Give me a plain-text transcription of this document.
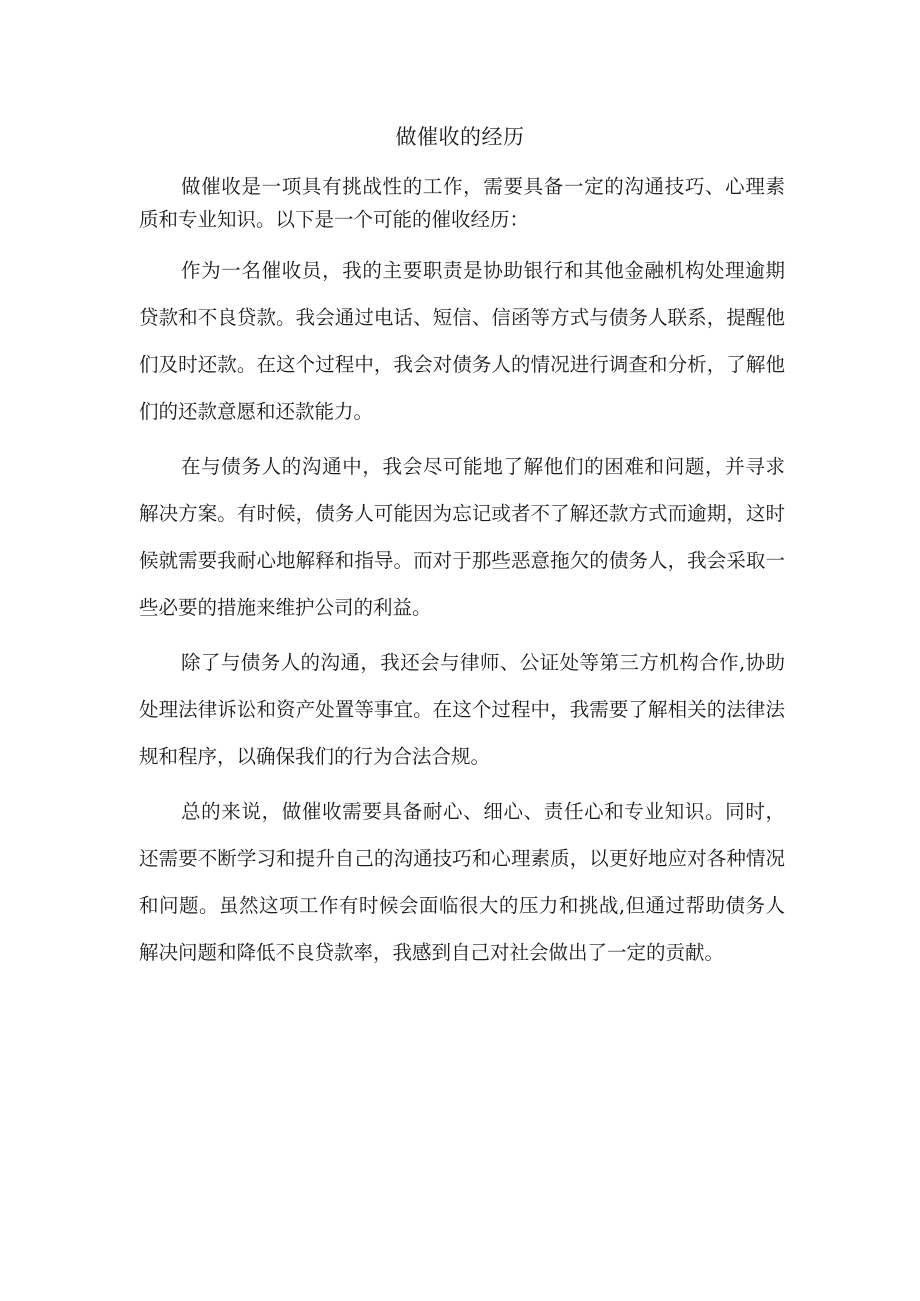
做催收的经历

做催收是一项具有挑战性的工作，需要具备一定的沟通技巧、心理素质和专业知识。以下是一个可能的催收经历：

作为一名催收员，我的主要职责是协助银行和其他金融机构处理逾期贷款和不良贷款。我会通过电话、短信、信函等方式与债务人联系，提醒他们及时还款。在这个过程中，我会对债务人的情况进行调查和分析，了解他们的还款意愿和还款能力。

在与债务人的沟通中，我会尽可能地了解他们的困难和问题，并寻求解决方案。有时候，债务人可能因为忘记或者不了解还款方式而逾期，这时候就需要我耐心地解释和指导。而对于那些恶意拖欠的债务人，我会采取一些必要的措施来维护公司的利益。

除了与债务人的沟通，我还会与律师、公证处等第三方机构合作,协助处理法律诉讼和资产处置等事宜。在这个过程中，我需要了解相关的法律法规和程序，以确保我们的行为合法合规。

总的来说，做催收需要具备耐心、细心、责任心和专业知识。同时，还需要不断学习和提升自己的沟通技巧和心理素质，以更好地应对各种情况和问题。虽然这项工作有时候会面临很大的压力和挑战,但通过帮助债务人解决问题和降低不良贷款率，我感到自己对社会做出了一定的贡献。
